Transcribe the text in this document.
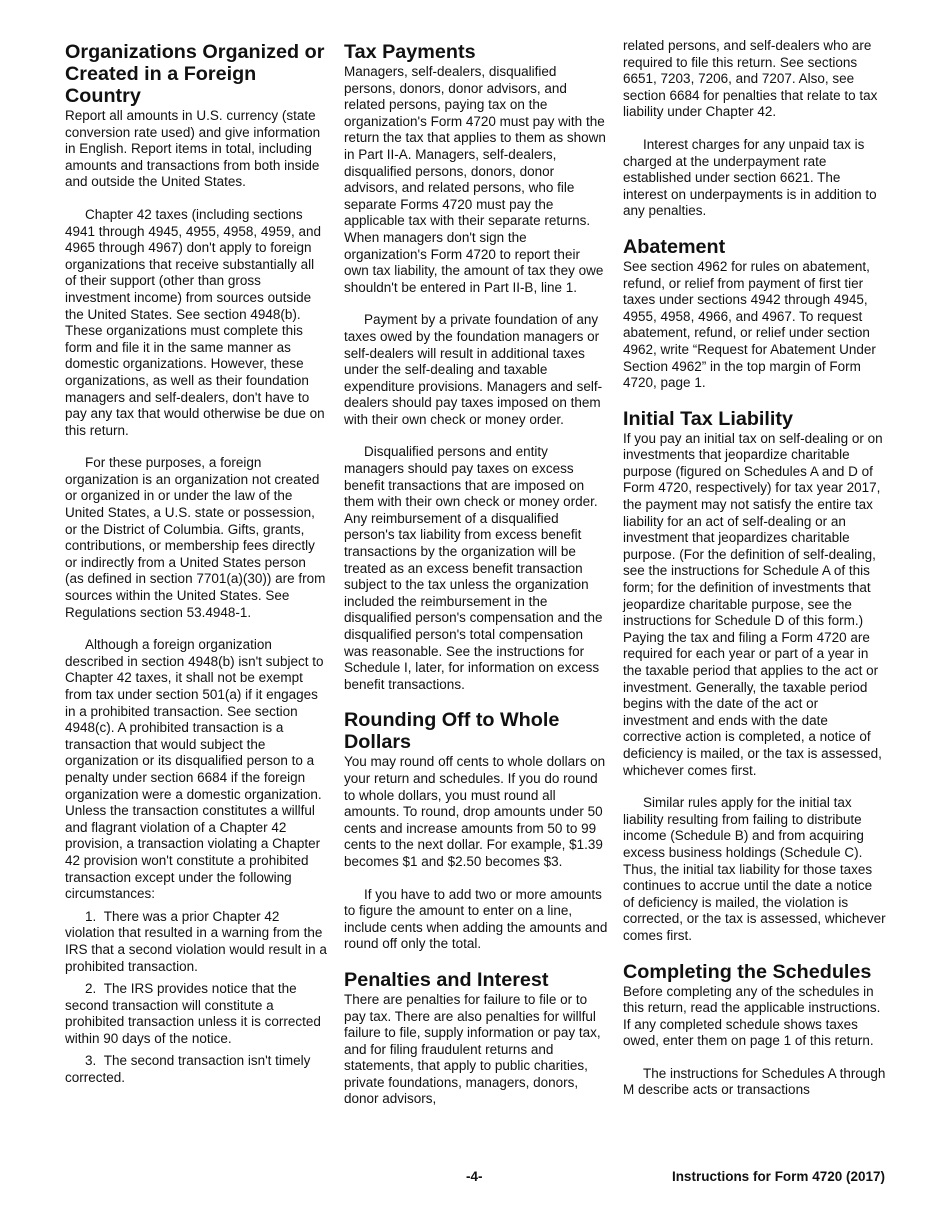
Organizations Organized or Created in a Foreign Country

Report all amounts in U.S. currency (state conversion rate used) and give information in English. Report items in total, including amounts and transactions from both inside and outside the United States.

Chapter 42 taxes (including sections 4941 through 4945, 4955, 4958, 4959, and 4965 through 4967) don't apply to foreign organizations that receive substantially all of their support (other than gross investment income) from sources outside the United States. See section 4948(b). These organizations must complete this form and file it in the same manner as domestic organizations. However, these organizations, as well as their foundation managers and self-dealers, don't have to pay any tax that would otherwise be due on this return.

For these purposes, a foreign organization is an organization not created or organized in or under the law of the United States, a U.S. state or possession, or the District of Columbia. Gifts, grants, contributions, or membership fees directly or indirectly from a United States person (as defined in section 7701(a)(30)) are from sources within the United States. See Regulations section 53.4948-1.

Although a foreign organization described in section 4948(b) isn't subject to Chapter 42 taxes, it shall not be exempt from tax under section 501(a) if it engages in a prohibited transaction. See section 4948(c). A prohibited transaction is a transaction that would subject the organization or its disqualified person to a penalty under section 6684 if the foreign organization were a domestic organization. Unless the transaction constitutes a willful and flagrant violation of a Chapter 42 provision, a transaction violating a Chapter 42 provision won't constitute a prohibited transaction except under the following circumstances:

1.  There was a prior Chapter 42 violation that resulted in a warning from the IRS that a second violation would result in a prohibited transaction.

2.  The IRS provides notice that the second transaction will constitute a prohibited transaction unless it is corrected within 90 days of the notice.

3.  The second transaction isn't timely corrected.

Tax Payments

Managers, self-dealers, disqualified persons, donors, donor advisors, and related persons, paying tax on the organization's Form 4720 must pay with the return the tax that applies to them as shown in Part II-A. Managers, self-dealers, disqualified persons, donors, donor advisors, and related persons, who file separate Forms 4720 must pay the applicable tax with their separate returns. When managers don't sign the organization's Form 4720 to report their own tax liability, the amount of tax they owe shouldn't be entered in Part II-B, line 1.

Payment by a private foundation of any taxes owed by the foundation managers or self-dealers will result in additional taxes under the self-dealing and taxable expenditure provisions. Managers and self-dealers should pay taxes imposed on them with their own check or money order.

Disqualified persons and entity managers should pay taxes on excess benefit transactions that are imposed on them with their own check or money order. Any reimbursement of a disqualified person's tax liability from excess benefit transactions by the organization will be treated as an excess benefit transaction subject to the tax unless the organization included the reimbursement in the disqualified person's compensation and the disqualified person's total compensation was reasonable. See the instructions for Schedule I, later, for information on excess benefit transactions.

Rounding Off to Whole Dollars

You may round off cents to whole dollars on your return and schedules. If you do round to whole dollars, you must round all amounts. To round, drop amounts under 50 cents and increase amounts from 50 to 99 cents to the next dollar. For example, $1.39 becomes $1 and $2.50 becomes $3.

If you have to add two or more amounts to figure the amount to enter on a line, include cents when adding the amounts and round off only the total.

Penalties and Interest

There are penalties for failure to file or to pay tax. There are also penalties for willful failure to file, supply information or pay tax, and for filing fraudulent returns and statements, that apply to public charities, private foundations, managers, donors, donor advisors,

related persons, and self-dealers who are required to file this return. See sections 6651, 7203, 7206, and 7207. Also, see section 6684 for penalties that relate to tax liability under Chapter 42.

Interest charges for any unpaid tax is charged at the underpayment rate established under section 6621. The interest on underpayments is in addition to any penalties.

Abatement

See section 4962 for rules on abatement, refund, or relief from payment of first tier taxes under sections 4942 through 4945, 4955, 4958, 4966, and 4967. To request abatement, refund, or relief under section 4962, write “Request for Abatement Under Section 4962” in the top margin of Form 4720, page 1.

Initial Tax Liability

If you pay an initial tax on self-dealing or on investments that jeopardize charitable purpose (figured on Schedules A and D of Form 4720, respectively) for tax year 2017, the payment may not satisfy the entire tax liability for an act of self-dealing or an investment that jeopardizes charitable purpose. (For the definition of self-dealing, see the instructions for Schedule A of this form; for the definition of investments that jeopardize charitable purpose, see the instructions for Schedule D of this form.) Paying the tax and filing a Form 4720 are required for each year or part of a year in the taxable period that applies to the act or investment. Generally, the taxable period begins with the date of the act or investment and ends with the date corrective action is completed, a notice of deficiency is mailed, or the tax is assessed, whichever comes first.

Similar rules apply for the initial tax liability resulting from failing to distribute income (Schedule B) and from acquiring excess business holdings (Schedule C). Thus, the initial tax liability for those taxes continues to accrue until the date a notice of deficiency is mailed, the violation is corrected, or the tax is assessed, whichever comes first.

Completing the Schedules

Before completing any of the schedules in this return, read the applicable instructions. If any completed schedule shows taxes owed, enter them on page 1 of this return.

The instructions for Schedules A through M describe acts or transactions

-4-	Instructions for Form 4720 (2017)
